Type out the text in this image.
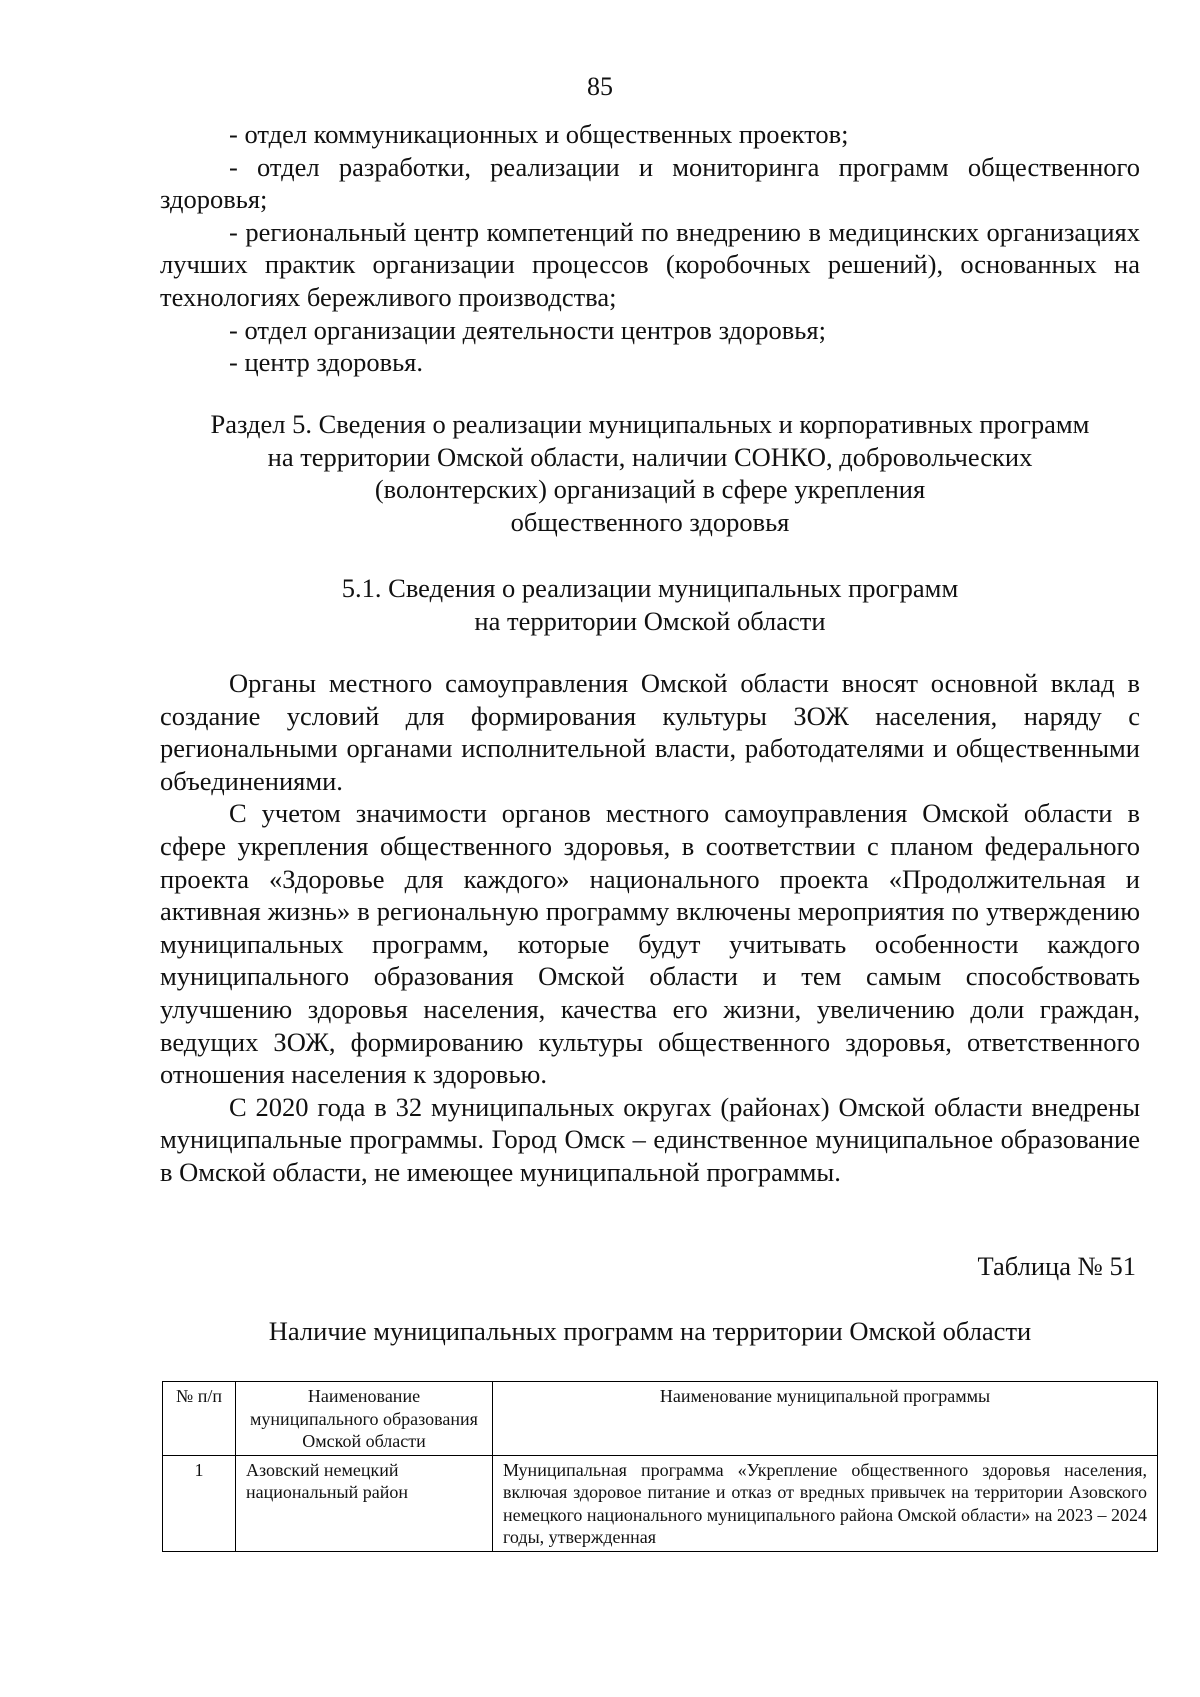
85

- отдел коммуникационных и общественных проектов;

- отдел разработки, реализации и мониторинга программ общественного здоровья;

- региональный центр компетенций по внедрению в медицинских организациях лучших практик организации процессов (коробочных решений), основанных на технологиях бережливого производства;

- отдел организации деятельности центров здоровья;

- центр здоровья.

Раздел 5. Сведения о реализации муниципальных и корпоративных программ

на территории Омской области, наличии СОНКО, добровольческих

(волонтерских) организаций в сфере укрепления

общественного здоровья

5.1. Сведения о реализации муниципальных программ

на территории Омской области

Органы местного самоуправления Омской области вносят основной вклад в создание условий для формирования культуры ЗОЖ населения, наряду с региональными органами исполнительной власти, работодателями и общественными объединениями.

С учетом значимости органов местного самоуправления Омской области в сфере укрепления общественного здоровья, в соответствии с планом федерального проекта «Здоровье для каждого» национального проекта «Продолжительная и активная жизнь» в региональную программу включены мероприятия по утверждению муниципальных программ, которые будут учитывать особенности каждого муниципального образования Омской области и тем самым способствовать улучшению здоровья населения, качества его жизни, увеличению доли граждан, ведущих ЗОЖ, формированию культуры общественного здоровья, ответственного отношения населения к здоровью.

С 2020 года в 32 муниципальных округах (районах) Омской области внедрены муниципальные программы. Город Омск – единственное муниципальное образование в Омской области, не имеющее муниципальной программы.

Таблица № 51
Наличие муниципальных программ на территории Омской области
№ п/п	Наименование муниципального образования Омской области	Наименование муниципальной программы
1	Азовский немецкий национальный район	Муниципальная программа «Укрепление общественного здоровья населения, включая здоровое питание и отказ от вредных привычек на территории Азовского немецкого национального муниципального района Омской области» на 2023 – 2024 годы, утвержденная
